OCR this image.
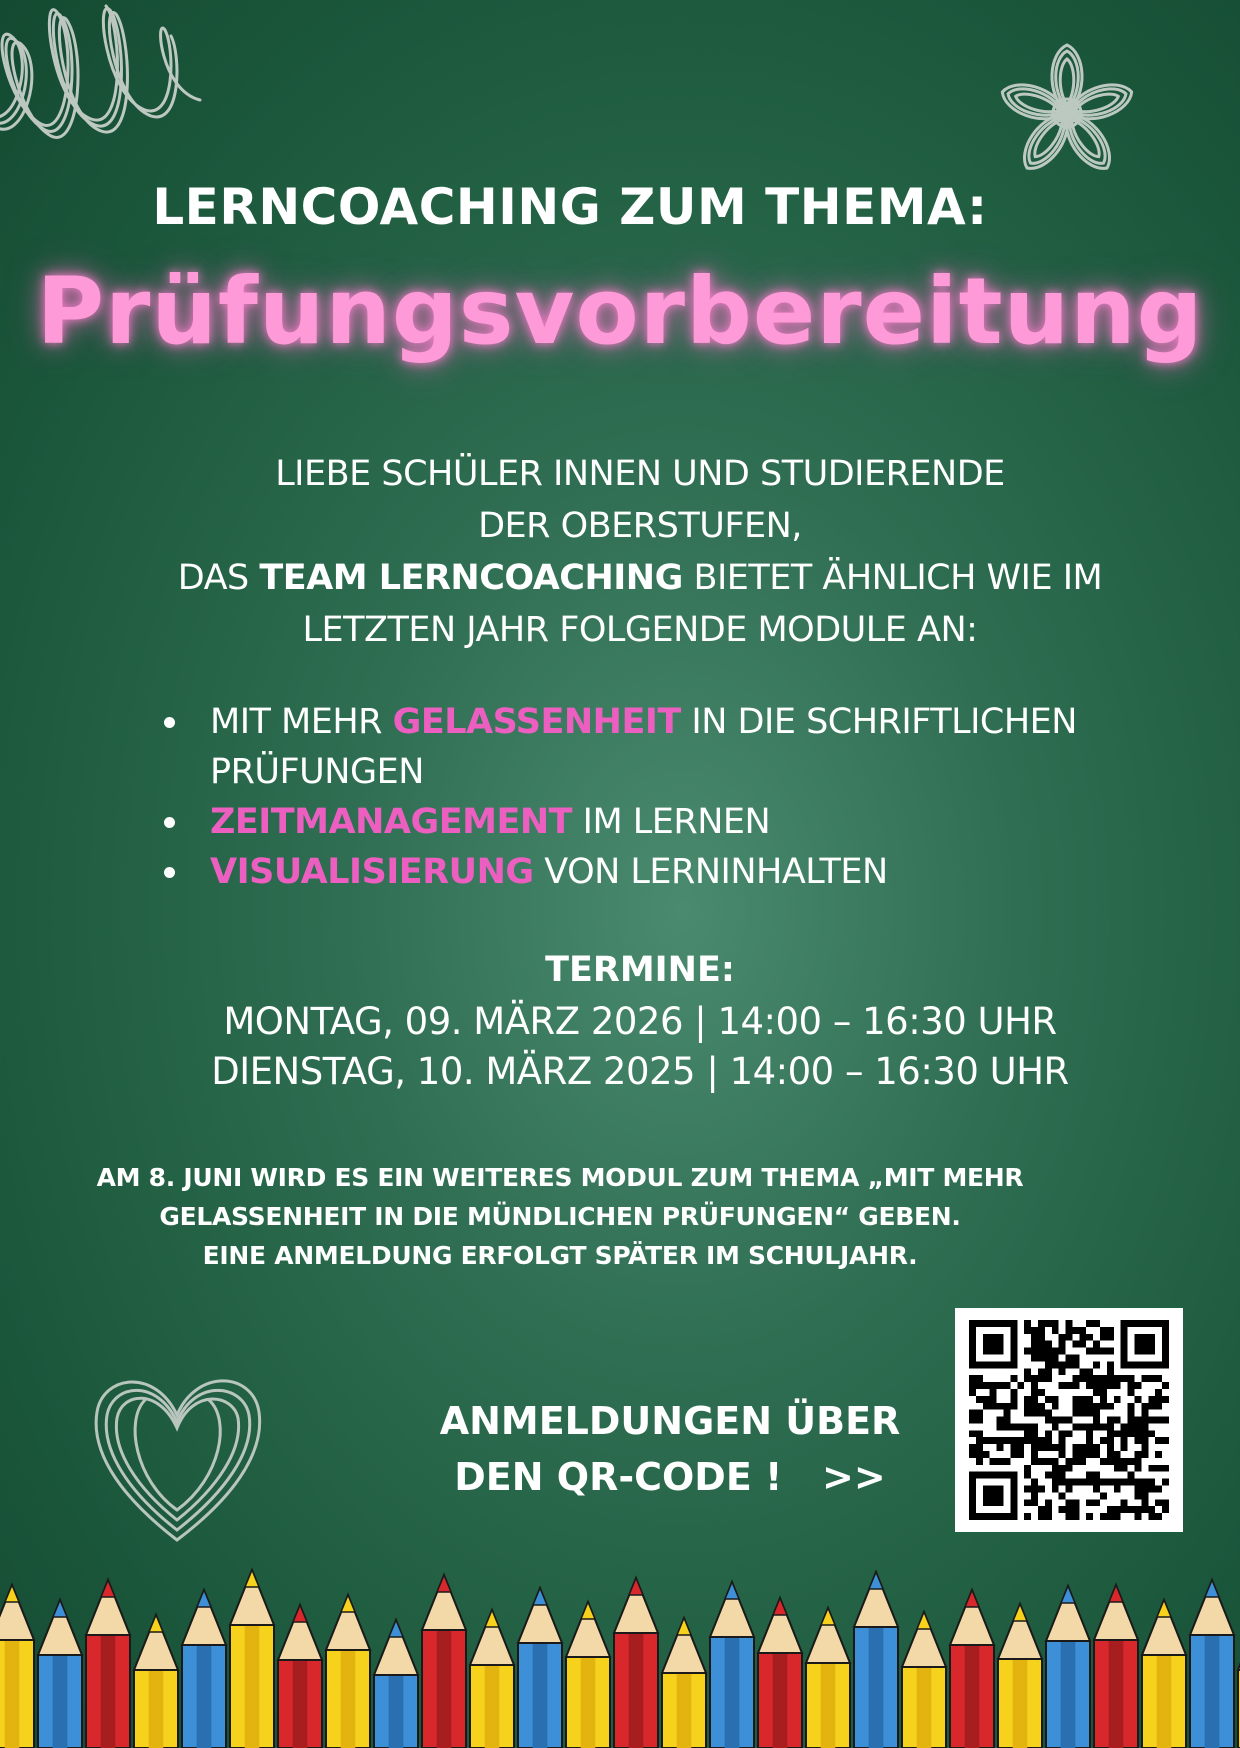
LERNCOACHING ZUM THEMA:
Prüfungsvorbereitung
LIEBE SCHÜLER INNEN UND STUDIERENDE
DER OBERSTUFEN,
DAS TEAM LERNCOACHING BIETET ÄHNLICH WIE IM
LETZTEN JAHR FOLGENDE MODULE AN:
MIT MEHR GELASSENHEIT IN DIE SCHRIFTLICHEN PRÜFUNGEN
ZEITMANAGEMENT IM LERNEN
VISUALISIERUNG VON LERNINHALTEN
TERMINE:
MONTAG, 09. MÄRZ 2026 | 14:00 – 16:30 UHR
DIENSTAG, 10. MÄRZ 2025 | 14:00 – 16:30 UHR
AM 8. JUNI WIRD ES EIN WEITERES MODUL ZUM THEMA „MIT MEHR
GELASSENHEIT IN DIE MÜNDLICHEN PRÜFUNGEN“ GEBEN.
EINE ANMELDUNG ERFOLGT SPÄTER IM SCHULJAHR.
ANMELDUNGEN ÜBER
DEN QR-CODE !   >>
